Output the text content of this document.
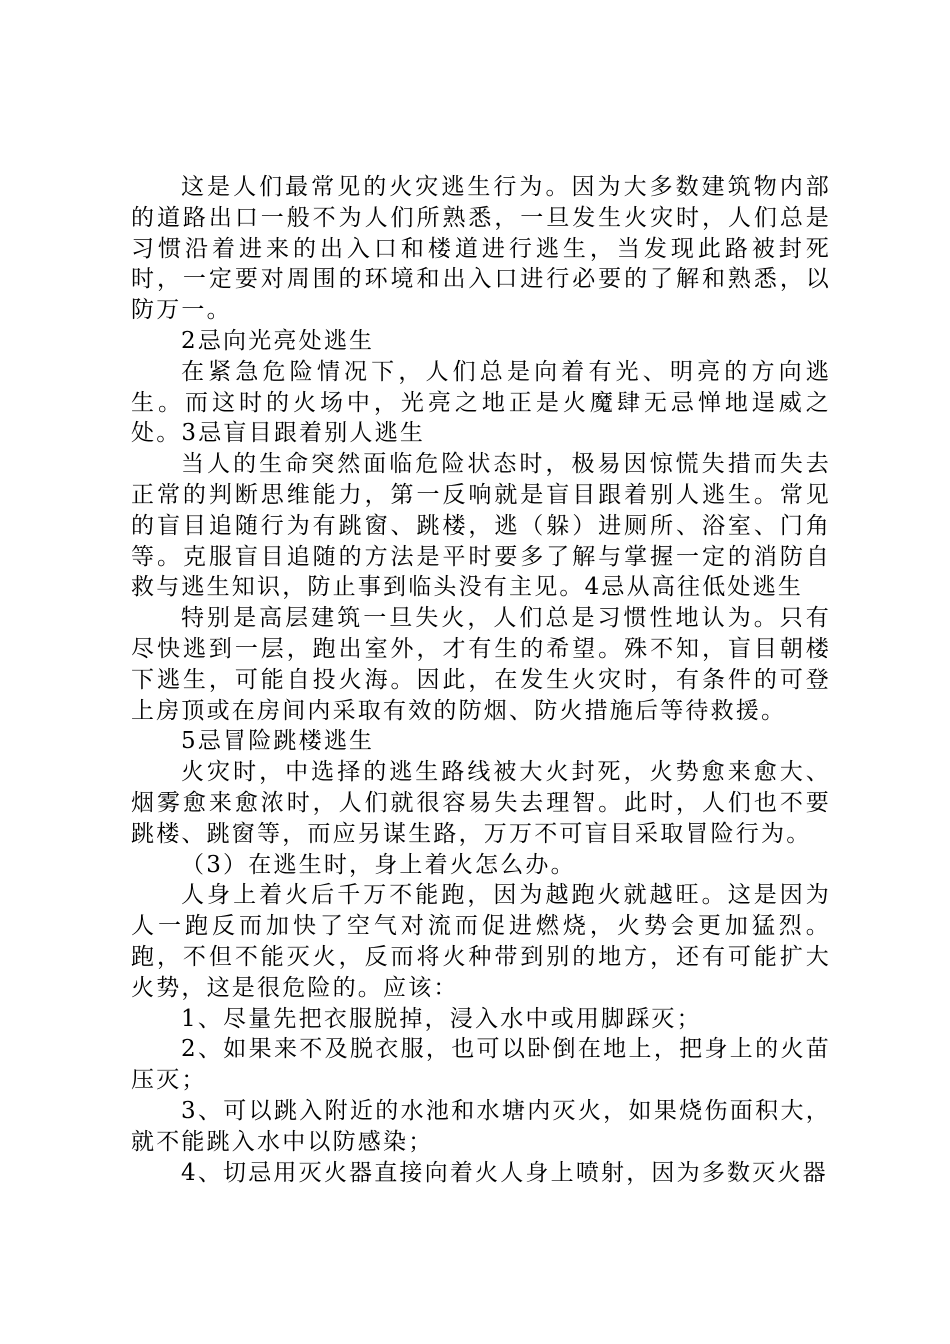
这是人们最常见的火灾逃生行为。因为大多数建筑物内部的道路出口一般不为人们所熟悉，一旦发生火灾时，人们总是习惯沿着进来的出入口和楼道进行逃生，当发现此路被封死时，一定要对周围的环境和出入口进行必要的了解和熟悉，以防万一。

2忌向光亮处逃生

在紧急危险情况下，人们总是向着有光、明亮的方向逃生。而这时的火场中，光亮之地正是火魔肆无忌惮地逞威之处。3忌盲目跟着别人逃生

当人的生命突然面临危险状态时，极易因惊慌失措而失去正常的判断思维能力，第一反响就是盲目跟着别人逃生。常见的盲目追随行为有跳窗、跳楼，逃（躲）进厕所、浴室、门角等。克服盲目追随的方法是平时要多了解与掌握一定的消防自救与逃生知识，防止事到临头没有主见。4忌从高往低处逃生

特别是高层建筑一旦失火，人们总是习惯性地认为。只有尽快逃到一层，跑出室外，才有生的希望。殊不知，盲目朝楼下逃生，可能自投火海。因此，在发生火灾时，有条件的可登上房顶或在房间内采取有效的防烟、防火措施后等待救援。

5忌冒险跳楼逃生

火灾时，中选择的逃生路线被大火封死，火势愈来愈大、烟雾愈来愈浓时，人们就很容易失去理智。此时，人们也不要跳楼、跳窗等，而应另谋生路，万万不可盲目采取冒险行为。

（3）在逃生时，身上着火怎么办。

人身上着火后千万不能跑，因为越跑火就越旺。这是因为人一跑反而加快了空气对流而促进燃烧，火势会更加猛烈。跑，不但不能灭火，反而将火种带到别的地方，还有可能扩大火势，这是很危险的。应该：

1、尽量先把衣服脱掉，浸入水中或用脚踩灭；

2、如果来不及脱衣服，也可以卧倒在地上，把身上的火苗压灭；

3、可以跳入附近的水池和水塘内灭火，如果烧伤面积大，就不能跳入水中以防感染；

4、切忌用灭火器直接向着火人身上喷射，因为多数灭火器
